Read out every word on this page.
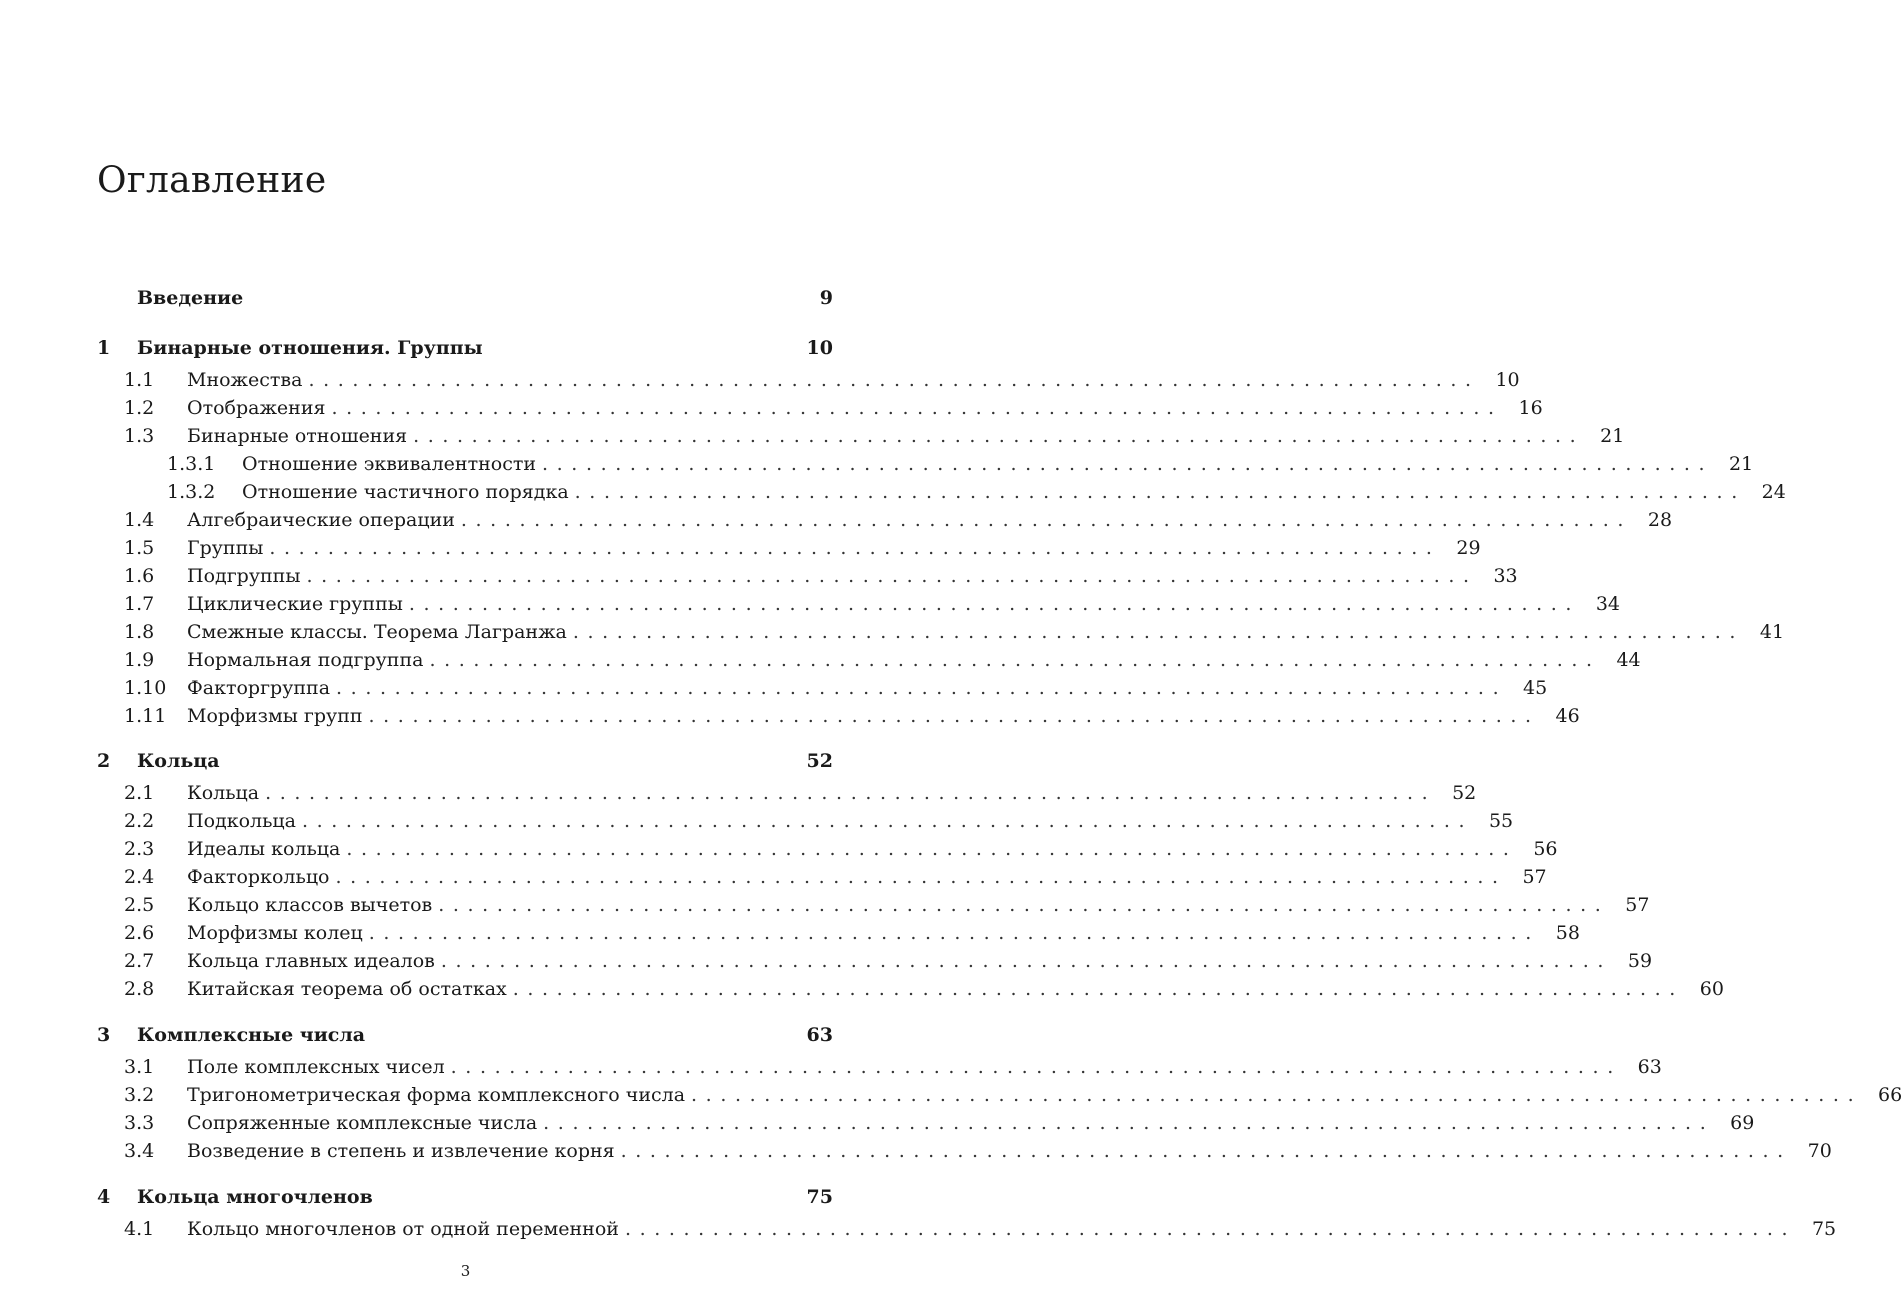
Оглавление
Введение	9
1	Бинарные отношения. Группы	10
1.1	Множества ................................................................................ 10
1.2	Отображения ................................................................................ 16
1.3	Бинарные отношения ................................................................................ 21
1.3.1	Отношение эквивалентности ................................................................................ 21
1.3.2	Отношение частичного порядка ................................................................................ 24
1.4	Алгебраические операции ................................................................................ 28
1.5	Группы ................................................................................ 29
1.6	Подгруппы ................................................................................ 33
1.7	Циклические группы ................................................................................ 34
1.8	Смежные классы. Теорема Лагранжа ................................................................................ 41
1.9	Нормальная подгруппа ................................................................................ 44
1.10	Факторгруппа ................................................................................ 45
1.11	Морфизмы групп ................................................................................ 46
2	Кольца	52
2.1	Кольца ................................................................................ 52
2.2	Подкольца ................................................................................ 55
2.3	Идеалы кольца ................................................................................ 56
2.4	Факторкольцо ................................................................................ 57
2.5	Кольцо классов вычетов ................................................................................ 57
2.6	Морфизмы колец ................................................................................ 58
2.7	Кольца главных идеалов ................................................................................ 59
2.8	Китайская теорема об остатках ................................................................................ 60
3	Комплексные числа	63
3.1	Поле комплексных чисел ................................................................................ 63
3.2	Тригонометрическая форма комплексного числа ................................................................................ 66
3.3	Сопряженные комплексные числа ................................................................................ 69
3.4	Возведение в степень и извлечение корня ................................................................................ 70
4	Кольца многочленов	75
4.1	Кольцо многочленов от одной переменной ................................................................................ 75
3
